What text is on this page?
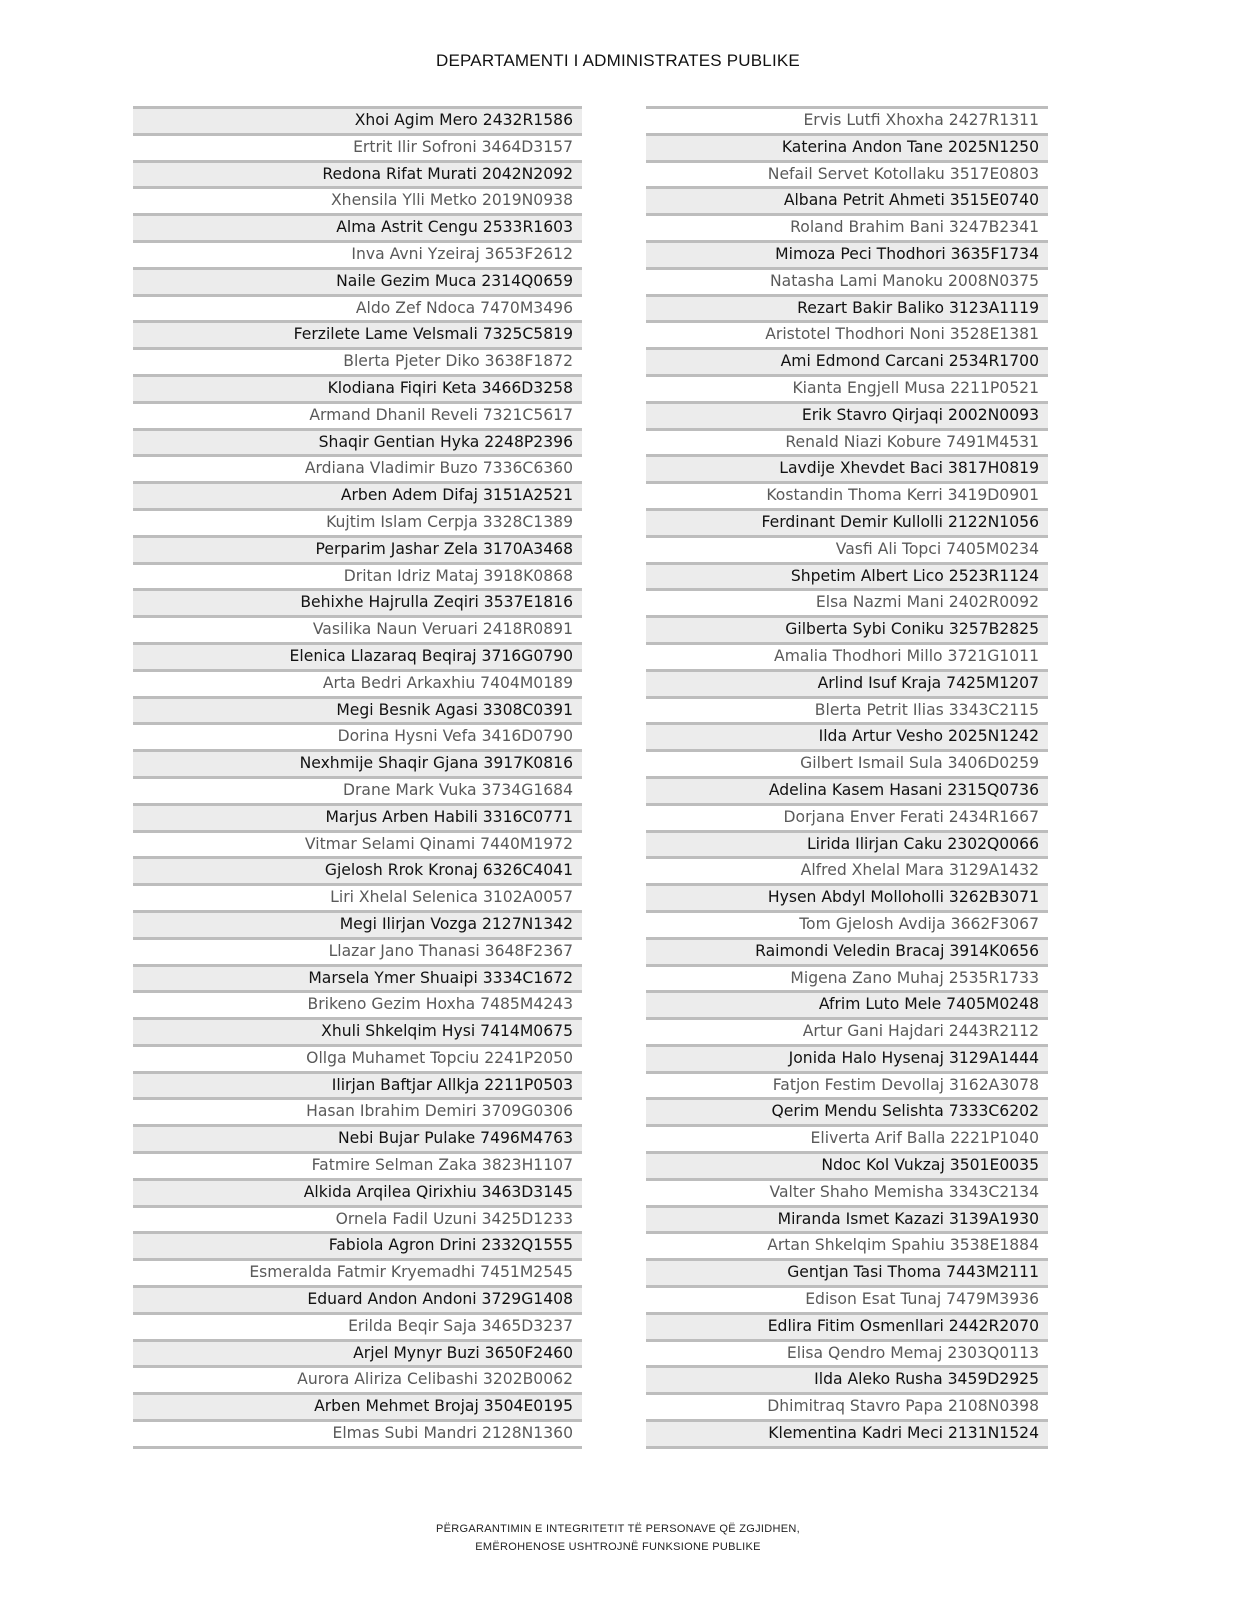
DEPARTAMENTI I ADMINISTRATES PUBLIKE
Xhoi Agim Mero 2432R1586
Ertrit Ilir Sofroni 3464D3157
Redona Rifat Murati 2042N2092
Xhensila Ylli Metko 2019N0938
Alma Astrit Cengu 2533R1603
Inva Avni Yzeiraj 3653F2612
Naile Gezim Muca 2314Q0659
Aldo Zef Ndoca 7470M3496
Ferzilete Lame Velsmali 7325C5819
Blerta Pjeter Diko 3638F1872
Klodiana Fiqiri Keta 3466D3258
Armand Dhanil Reveli 7321C5617
Shaqir Gentian Hyka 2248P2396
Ardiana Vladimir Buzo 7336C6360
Arben Adem Difaj 3151A2521
Kujtim Islam Cerpja 3328C1389
Perparim Jashar Zela 3170A3468
Dritan Idriz Mataj 3918K0868
Behixhe Hajrulla Zeqiri 3537E1816
Vasilika Naun Veruari 2418R0891
Elenica Llazaraq Beqiraj 3716G0790
Arta Bedri Arkaxhiu 7404M0189
Megi Besnik Agasi 3308C0391
Dorina Hysni Vefa 3416D0790
Nexhmije Shaqir Gjana 3917K0816
Drane Mark Vuka 3734G1684
Marjus Arben Habili 3316C0771
Vitmar Selami Qinami 7440M1972
Gjelosh Rrok Kronaj 6326C4041
Liri Xhelal Selenica 3102A0057
Megi Ilirjan Vozga 2127N1342
Llazar Jano Thanasi 3648F2367
Marsela Ymer Shuaipi 3334C1672
Brikeno Gezim Hoxha 7485M4243
Xhuli Shkelqim Hysi 7414M0675
Ollga Muhamet Topciu 2241P2050
Ilirjan Baftjar Allkja 2211P0503
Hasan Ibrahim Demiri 3709G0306
Nebi Bujar Pulake 7496M4763
Fatmire Selman Zaka 3823H1107
Alkida Arqilea Qirixhiu 3463D3145
Ornela Fadil Uzuni 3425D1233
Fabiola Agron Drini 2332Q1555
Esmeralda Fatmir Kryemadhi 7451M2545
Eduard Andon Andoni 3729G1408
Erilda Beqir Saja 3465D3237
Arjel Mynyr Buzi 3650F2460
Aurora Aliriza Celibashi 3202B0062
Arben Mehmet Brojaj 3504E0195
Elmas Subi Mandri 2128N1360
Ervis Lutfi Xhoxha 2427R1311
Katerina Andon Tane 2025N1250
Nefail Servet Kotollaku 3517E0803
Albana Petrit Ahmeti 3515E0740
Roland Brahim Bani 3247B2341
Mimoza Peci Thodhori 3635F1734
Natasha Lami Manoku 2008N0375
Rezart Bakir Baliko 3123A1119
Aristotel Thodhori Noni 3528E1381
Ami Edmond Carcani 2534R1700
Kianta Engjell Musa 2211P0521
Erik Stavro Qirjaqi 2002N0093
Renald Niazi Kobure 7491M4531
Lavdije Xhevdet Baci 3817H0819
Kostandin Thoma Kerri 3419D0901
Ferdinant Demir Kullolli 2122N1056
Vasfi Ali Topci 7405M0234
Shpetim Albert Lico 2523R1124
Elsa Nazmi Mani 2402R0092
Gilberta Sybi Coniku 3257B2825
Amalia Thodhori Millo 3721G1011
Arlind Isuf Kraja 7425M1207
Blerta Petrit Ilias 3343C2115
Ilda Artur Vesho 2025N1242
Gilbert Ismail Sula 3406D0259
Adelina Kasem Hasani 2315Q0736
Dorjana Enver Ferati 2434R1667
Lirida Ilirjan Caku 2302Q0066
Alfred Xhelal Mara 3129A1432
Hysen Abdyl Molloholli 3262B3071
Tom Gjelosh Avdija 3662F3067
Raimondi Veledin Bracaj 3914K0656
Migena Zano Muhaj 2535R1733
Afrim Luto Mele 7405M0248
Artur Gani Hajdari 2443R2112
Jonida Halo Hysenaj 3129A1444
Fatjon Festim Devollaj 3162A3078
Qerim Mendu Selishta 7333C6202
Eliverta Arif Balla 2221P1040
Ndoc Kol Vukzaj 3501E0035
Valter Shaho Memisha 3343C2134
Miranda Ismet Kazazi 3139A1930
Artan Shkelqim Spahiu 3538E1884
Gentjan Tasi Thoma 7443M2111
Edison Esat Tunaj 7479M3936
Edlira Fitim Osmenllari 2442R2070
Elisa Qendro Memaj 2303Q0113
Ilda Aleko Rusha 3459D2925
Dhimitraq Stavro Papa 2108N0398
Klementina Kadri Meci 2131N1524
PËRGARANTIMIN E INTEGRITETIT TË PERSONAVE QË ZGJIDHEN,
EMËROHENOSE USHTROJNË FUNKSIONE PUBLIKE
